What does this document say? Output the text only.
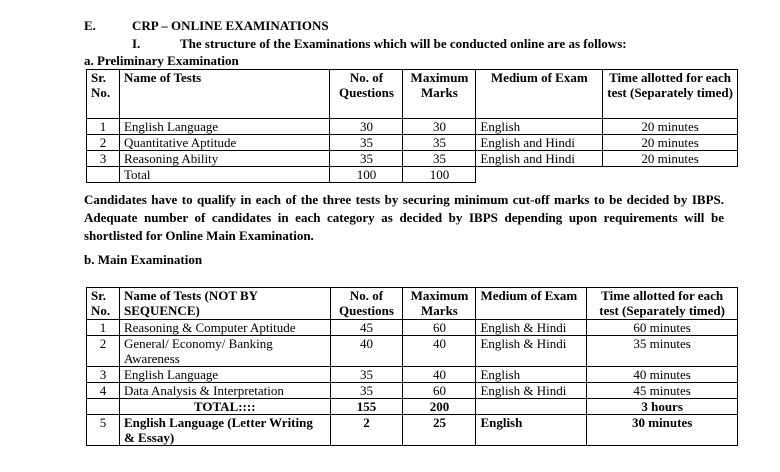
E.	CRP – ONLINE EXAMINATIONS
I.	The structure of the Examinations which will be conducted online are as follows:
a. Preliminary Examination
Sr. No.	Name of Tests	No. of Questions	Maximum Marks	Medium of Exam	Time allotted for each test (Separately timed)
1	English Language	30	30	English	20 minutes
2	Quantitative Aptitude	35	35	English and Hindi	20 minutes
3	Reasoning Ability	35	35	English and Hindi	20 minutes
	Total	100	100		
Candidates have to qualify in each of the three tests by securing minimum cut-off marks to be decided by IBPS. Adequate number of candidates in each category as decided by IBPS depending upon requirements will be shortlisted for Online Main Examination.
b. Main Examination
Sr. No.	Name of Tests (NOT BY SEQUENCE)	No. of Questions	Maximum Marks	Medium of Exam	Time allotted for each test (Separately timed)
1	Reasoning & Computer Aptitude	45	60	English & Hindi	60 minutes
2	General/ Economy/ Banking Awareness	40	40	English & Hindi	35 minutes
3	English Language	35	40	English	40 minutes
4	Data Analysis & Interpretation	35	60	English & Hindi	45 minutes
	TOTAL::::	155	200		3 hours
5	English Language (Letter Writing & Essay)	2	25	English	30 minutes
